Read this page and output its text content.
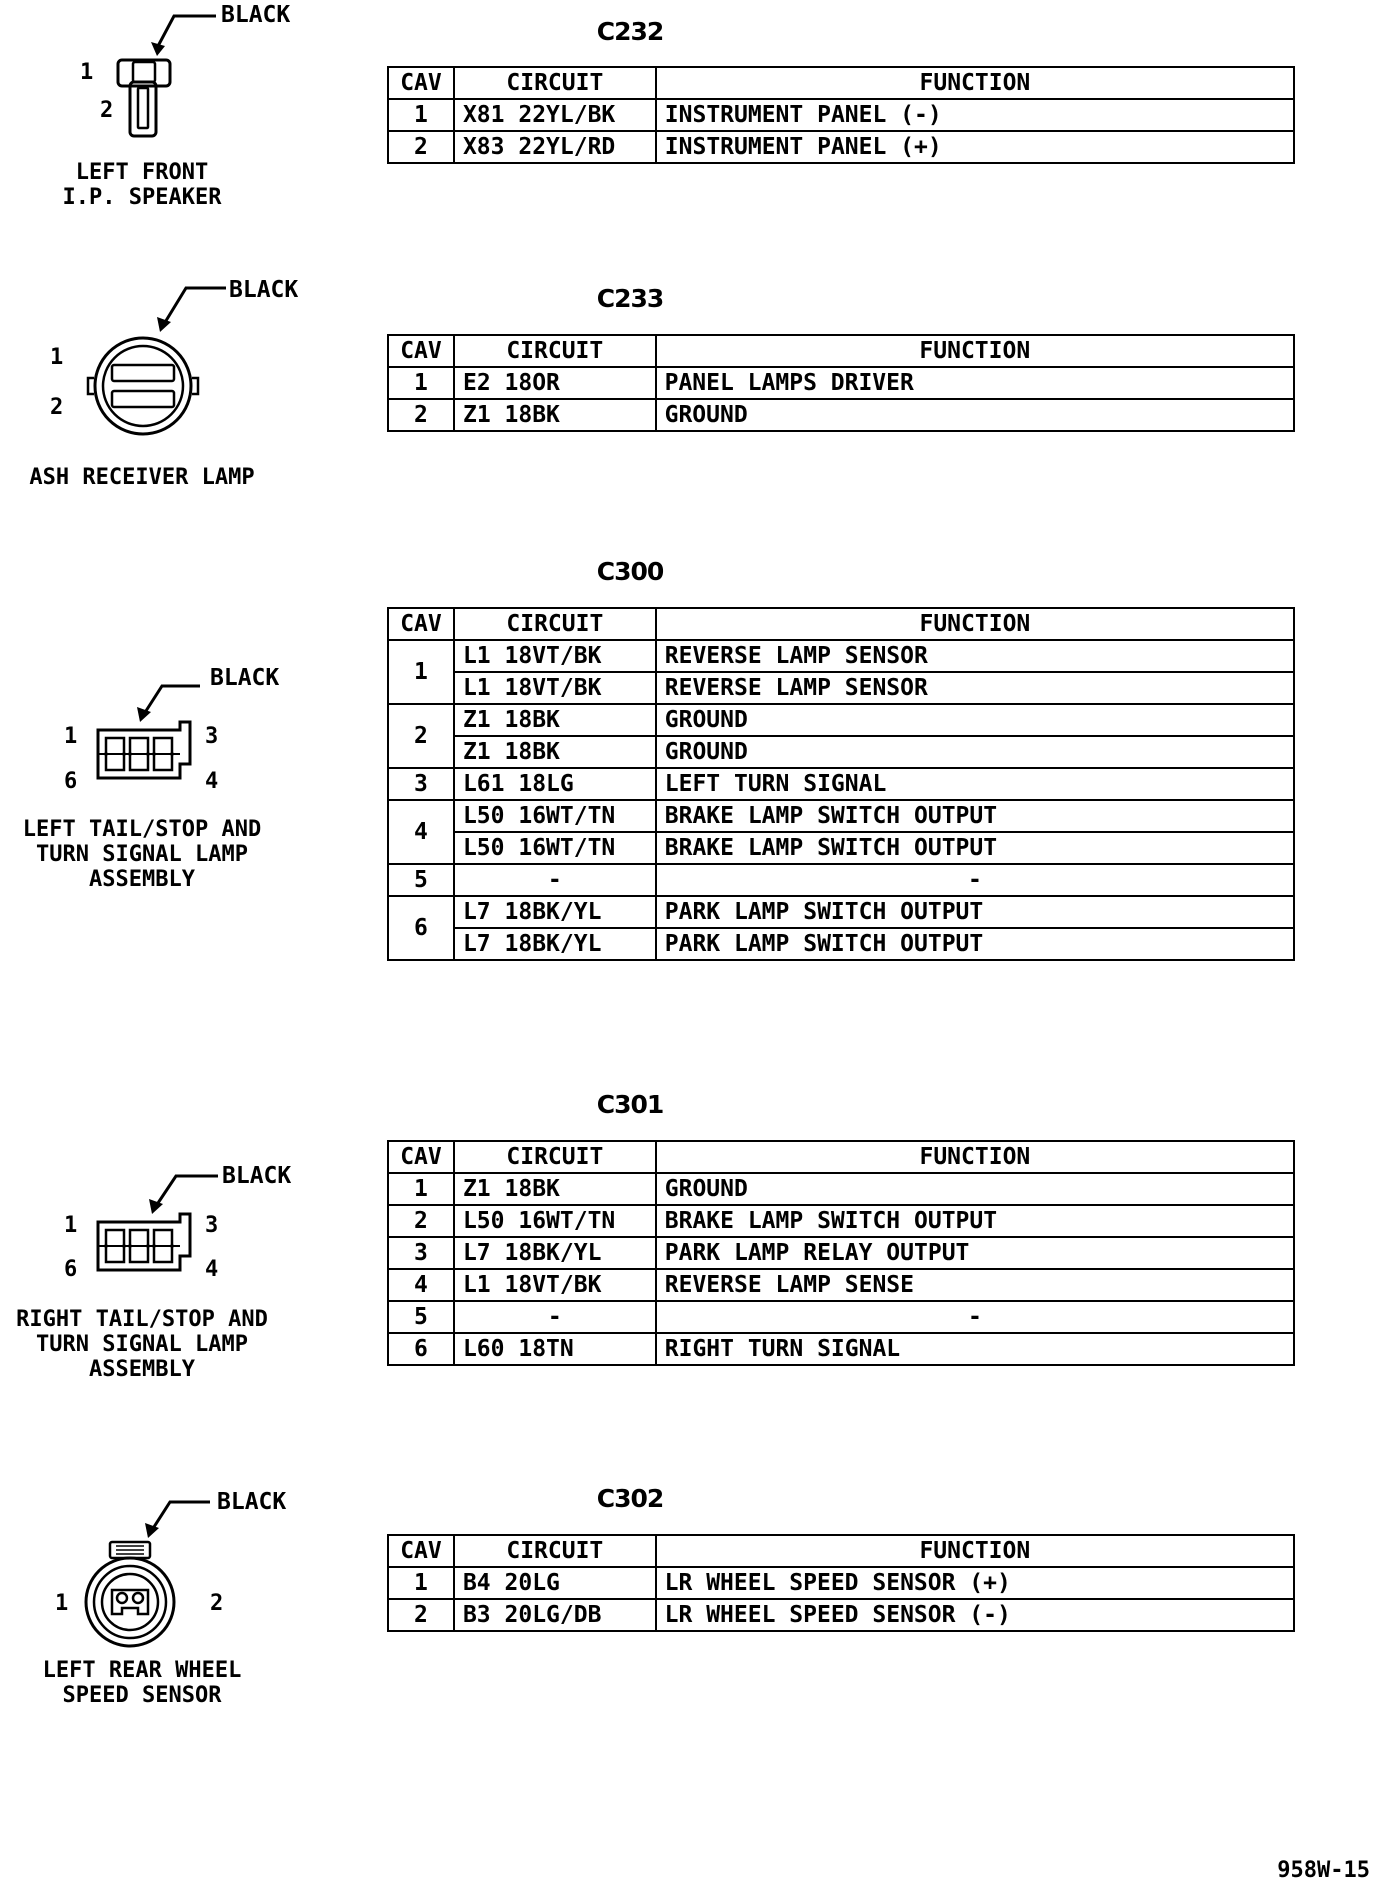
BLACK
1
2
LEFT FRONT
I.P. SPEAKER
C232
CAV	CIRCUIT	FUNCTION
1	X81 22YL/BK	INSTRUMENT PANEL (-)
2	X83 22YL/RD	INSTRUMENT PANEL (+)
BLACK
1
2
ASH RECEIVER LAMP
C233
CAV	CIRCUIT	FUNCTION
1	E2 18OR	PANEL LAMPS DRIVER
2	Z1 18BK	GROUND
BLACK
1	3
6	4
LEFT TAIL/STOP AND
TURN SIGNAL LAMP
ASSEMBLY
C300
CAV	CIRCUIT	FUNCTION
1	L1 18VT/BK	REVERSE LAMP SENSOR
	L1 18VT/BK	REVERSE LAMP SENSOR
2	Z1 18BK	GROUND
	Z1 18BK	GROUND
3	L61 18LG	LEFT TURN SIGNAL
4	L50 16WT/TN	BRAKE LAMP SWITCH OUTPUT
	L50 16WT/TN	BRAKE LAMP SWITCH OUTPUT
5	-	-
6	L7 18BK/YL	PARK LAMP SWITCH OUTPUT
	L7 18BK/YL	PARK LAMP SWITCH OUTPUT
BLACK
1	3
6	4
RIGHT TAIL/STOP AND
TURN SIGNAL LAMP
ASSEMBLY
C301
CAV	CIRCUIT	FUNCTION
1	Z1 18BK	GROUND
2	L50 16WT/TN	BRAKE LAMP SWITCH OUTPUT
3	L7 18BK/YL	PARK LAMP RELAY OUTPUT
4	L1 18VT/BK	REVERSE LAMP SENSE
5	-	-
6	L60 18TN	RIGHT TURN SIGNAL
BLACK
1	2
LEFT REAR WHEEL
SPEED SENSOR
C302
CAV	CIRCUIT	FUNCTION
1	B4 20LG	LR WHEEL SPEED SENSOR (+)
2	B3 20LG/DB	LR WHEEL SPEED SENSOR (-)
958W-15
